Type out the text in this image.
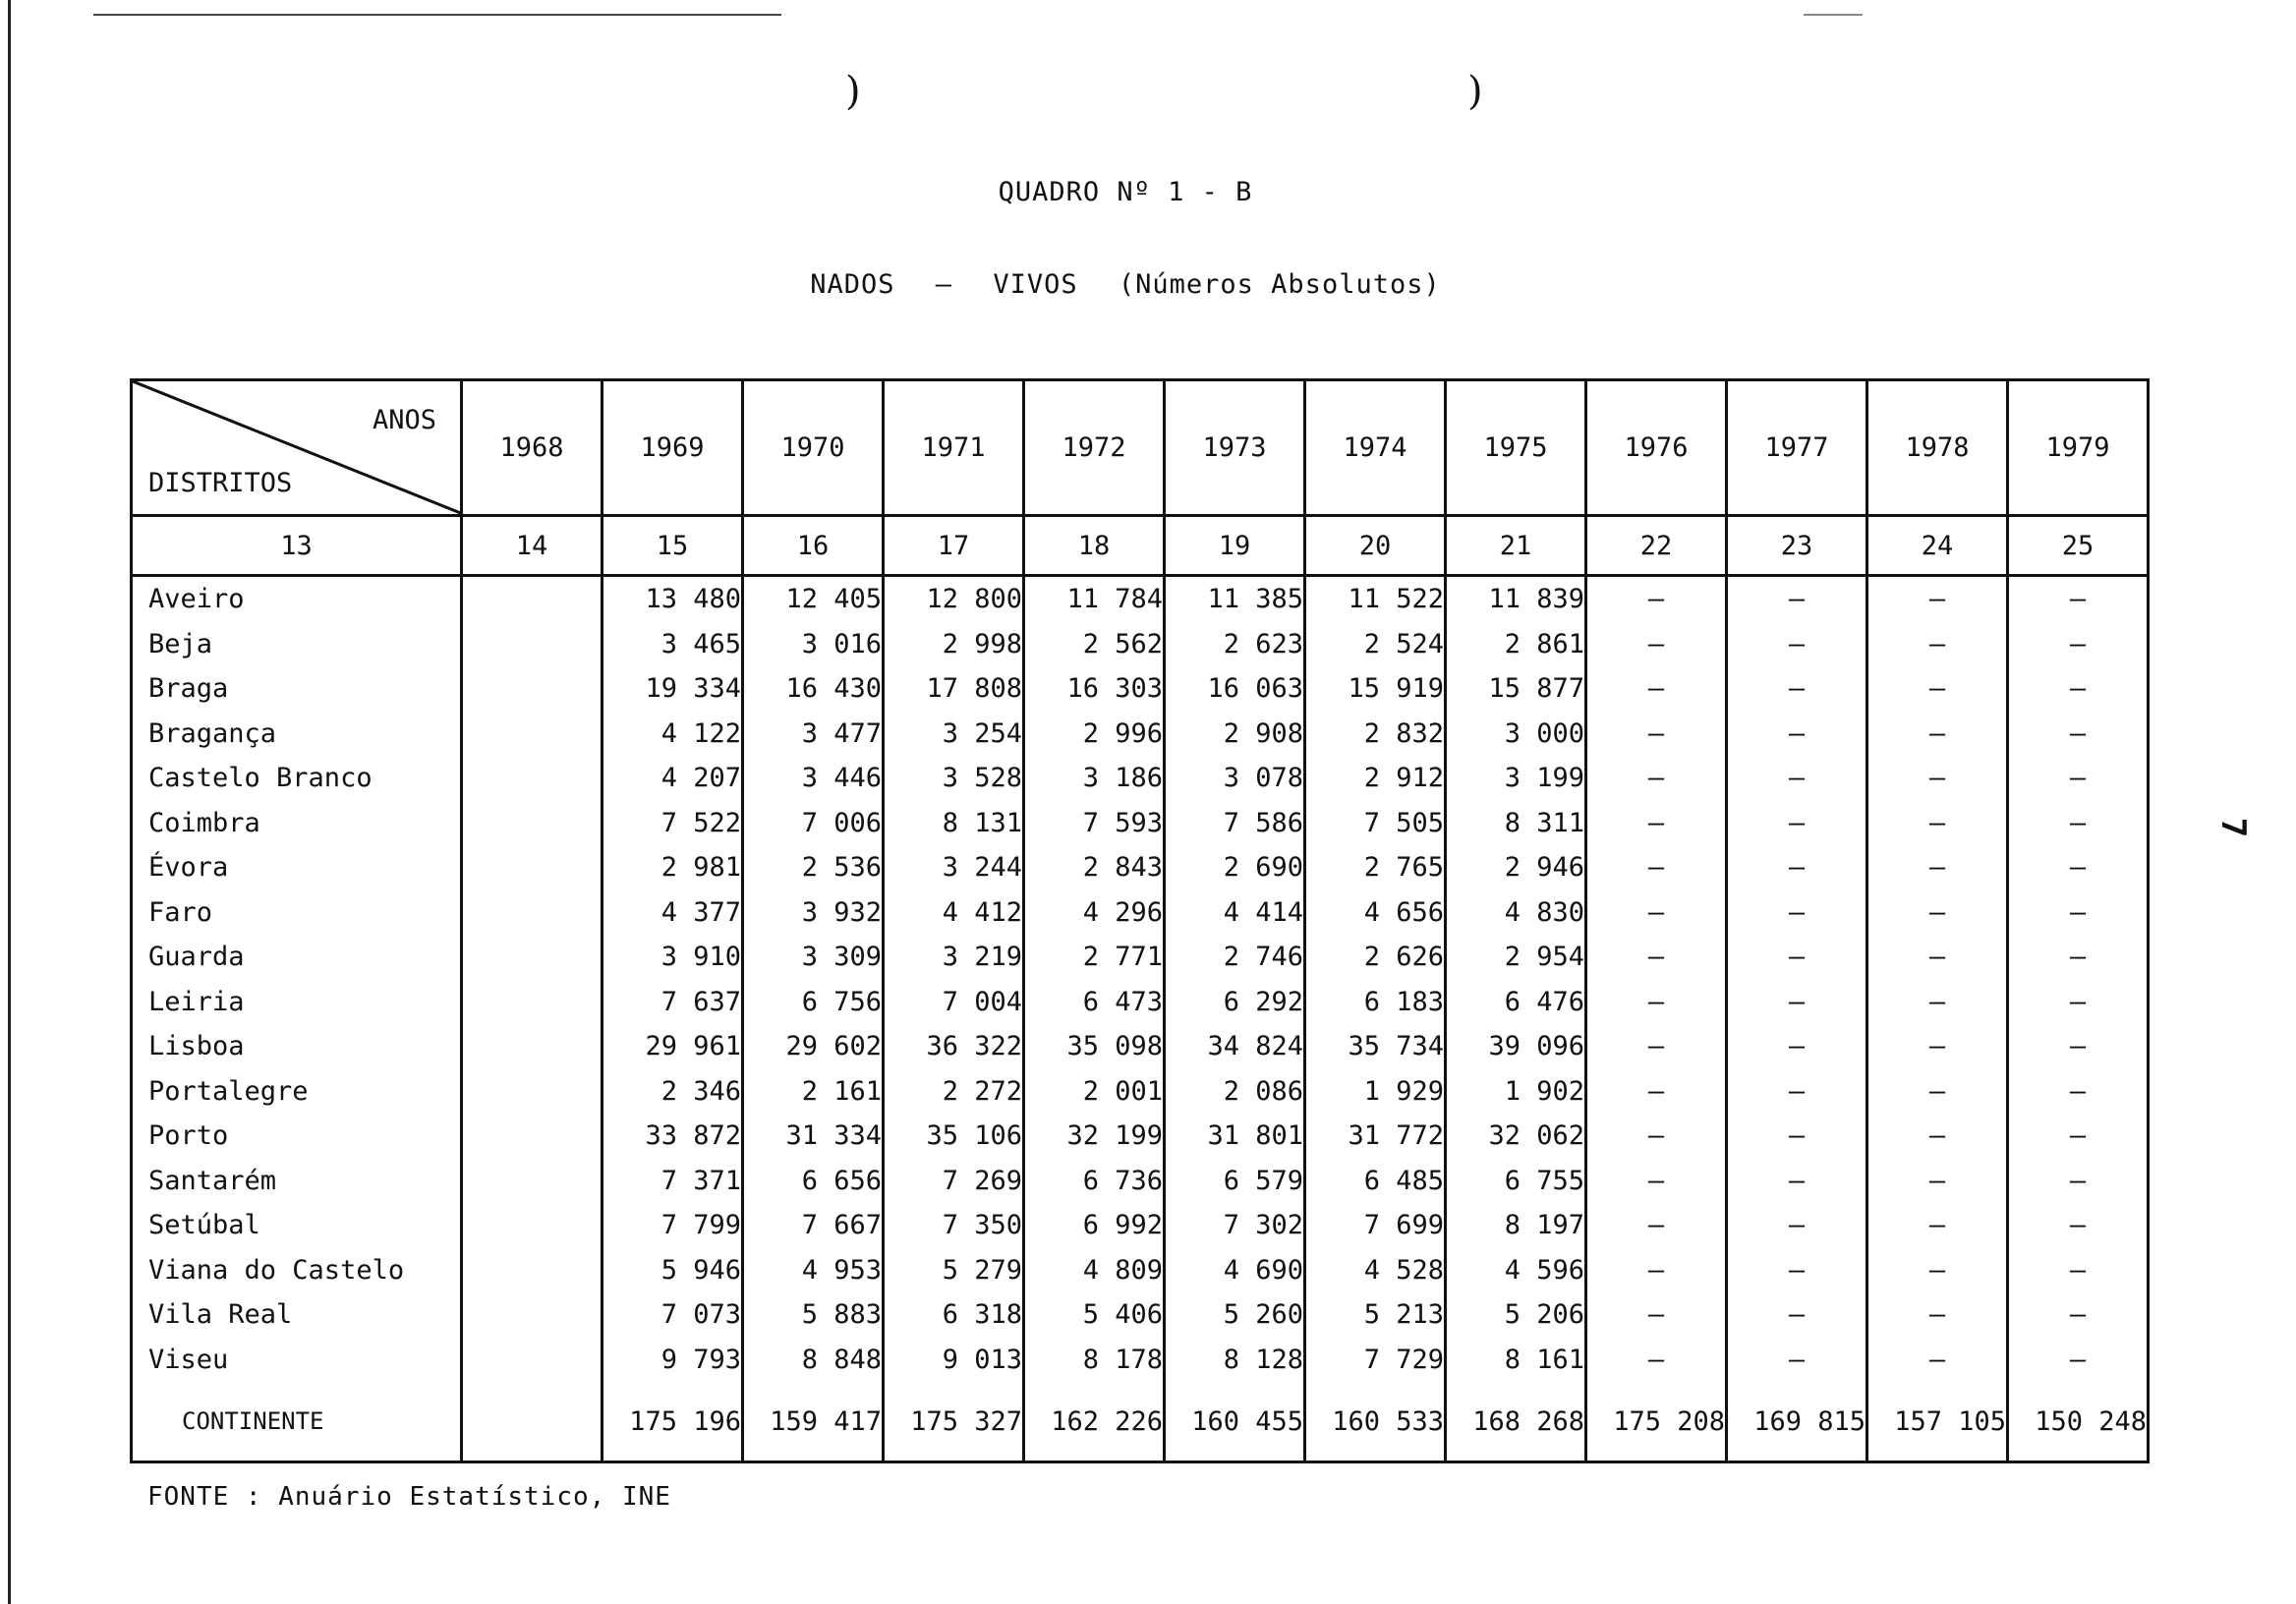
)	)
7
QUADRO Nº 1 - B
NADOS — VIVOS (Números Absolutos)
ANOS
DISTRITOS	1968	1969	1970	1971	1972	1973	1974	1975	1976	1977	1978	1979
13	14	15	16	17	18	19	20	21	22	23	24	25
Aveiro		13 480	12 405	12 800	11 784	11 385	11 522	11 839	–	–	–	–
Beja		3 465	3 016	2 998	2 562	2 623	2 524	2 861	–	–	–	–
Braga		19 334	16 430	17 808	16 303	16 063	15 919	15 877	–	–	–	–
Bragança		4 122	3 477	3 254	2 996	2 908	2 832	3 000	–	–	–	–
Castelo Branco		4 207	3 446	3 528	3 186	3 078	2 912	3 199	–	–	–	–
Coimbra		7 522	7 006	8 131	7 593	7 586	7 505	8 311	–	–	–	–
Évora		2 981	2 536	3 244	2 843	2 690	2 765	2 946	–	–	–	–
Faro		4 377	3 932	4 412	4 296	4 414	4 656	4 830	–	–	–	–
Guarda		3 910	3 309	3 219	2 771	2 746	2 626	2 954	–	–	–	–
Leiria		7 637	6 756	7 004	6 473	6 292	6 183	6 476	–	–	–	–
Lisboa		29 961	29 602	36 322	35 098	34 824	35 734	39 096	–	–	–	–
Portalegre		2 346	2 161	2 272	2 001	2 086	1 929	1 902	–	–	–	–
Porto		33 872	31 334	35 106	32 199	31 801	31 772	32 062	–	–	–	–
Santarém		7 371	6 656	7 269	6 736	6 579	6 485	6 755	–	–	–	–
Setúbal		7 799	7 667	7 350	6 992	7 302	7 699	8 197	–	–	–	–
Viana do Castelo		5 946	4 953	5 279	4 809	4 690	4 528	4 596	–	–	–	–
Vila Real		7 073	5 883	6 318	5 406	5 260	5 213	5 206	–	–	–	–
Viseu		9 793	8 848	9 013	8 178	8 128	7 729	8 161	–	–	–	–
CONTINENTE		175 196	159 417	175 327	162 226	160 455	160 533	168 268	175 208	169 815	157 105	150 248
FONTE : Anuário Estatístico, INE
